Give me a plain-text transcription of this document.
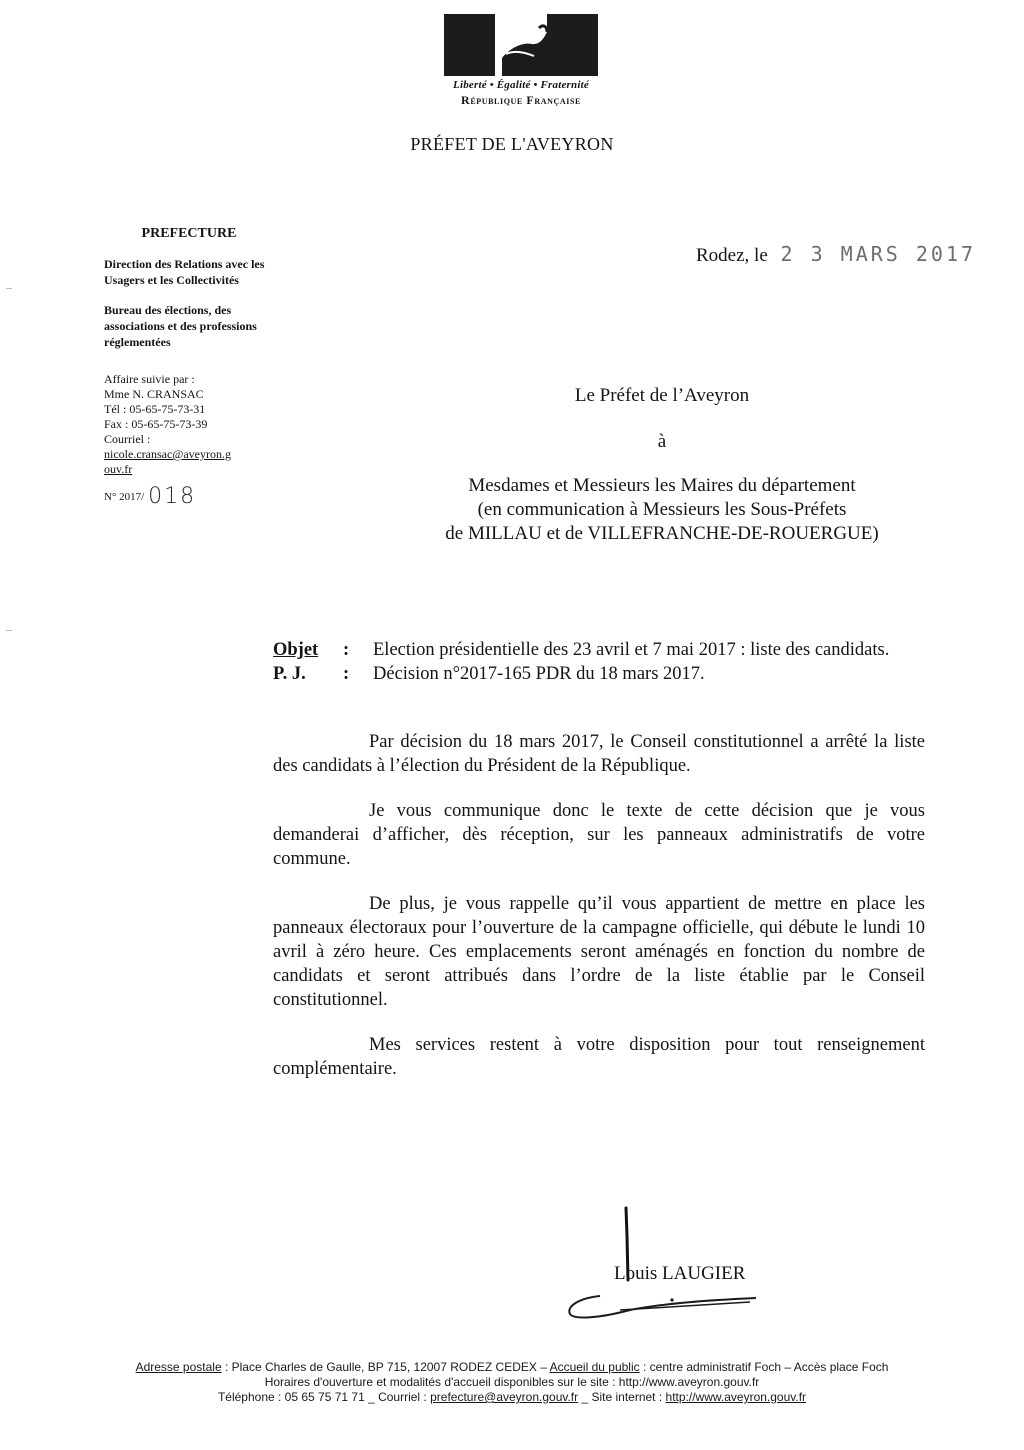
Liberté • Égalité • Fraternité
République Française
PRÉFET DE L'AVEYRON
PREFECTURE
Direction des Relations avec les Usagers et les Collectivités
Bureau des élections, des associations et des professions réglementées
Affaire suivie par :
Mme N. CRANSAC
Tél : 05-65-75-73-31
Fax : 05-65-75-73-39
Courriel :
nicole.cransac@aveyron.gouv.fr
N° 2017/ 018
Rodez, le 2 3 MARS 2017
Le Préfet de l’Aveyron
à
Mesdames et Messieurs les Maires du département
(en communication à Messieurs les Sous-Préfets
de MILLAU et de VILLEFRANCHE-DE-ROUERGUE)
Objet	:	Election présidentielle des 23 avril et 7 mai 2017 : liste des candidats.
P. J.	:	Décision n°2017-165 PDR du 18 mars 2017.

Par décision du 18 mars 2017, le Conseil constitutionnel a arrêté la liste des candidats à l’élection du Président de la République.

Je vous communique donc le texte de cette décision que je vous demanderai d’afficher, dès réception, sur les panneaux administratifs de votre commune.

De plus, je vous rappelle qu’il vous appartient de mettre en place les panneaux électoraux pour l’ouverture de la campagne officielle, qui débute le lundi 10 avril à zéro heure. Ces emplacements seront aménagés en fonction du nombre de candidats et seront attribués dans l’ordre de la liste établie par le Conseil constitutionnel.

Mes services restent à votre disposition pour tout renseignement complémentaire.

Louis LAUGIER
Adresse postale : Place Charles de Gaulle, BP 715, 12007 RODEZ CEDEX – Accueil du public : centre administratif Foch – Accès place Foch
Horaires d'ouverture et modalités d'accueil disponibles sur le site : http://www.aveyron.gouv.fr
Téléphone : 05 65 75 71 71 _ Courriel : prefecture@aveyron.gouv.fr _ Site internet : http://www.aveyron.gouv.fr
